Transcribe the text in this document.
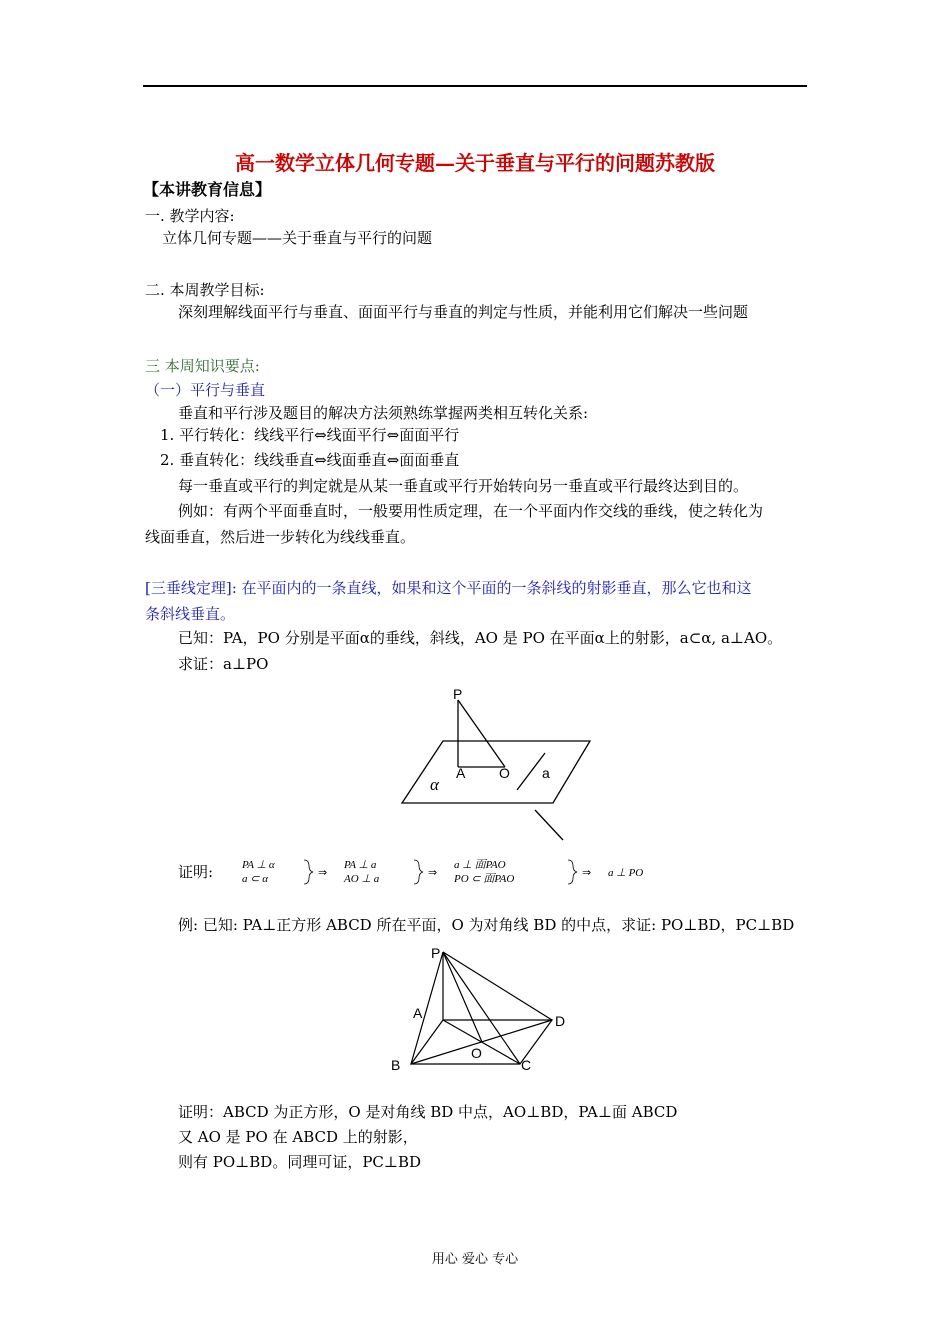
高一数学立体几何专题—关于垂直与平行的问题苏教版
【本讲教育信息】
一. 教学内容:
立体几何专题——关于垂直与平行的问题
二. 本周教学目标:
深刻理解线面平行与垂直、面面平行与垂直的判定与性质，并能利用它们解决一些问题
三 本周知识要点:
（一）平行与垂直
垂直和平行涉及题目的解决方法须熟练掌握两类相互转化关系:
1. 平行转化：线线平行⇔线面平行⇔面面平行
2. 垂直转化：线线垂直⇔线面垂直⇔面面垂直
每一垂直或平行的判定就是从某一垂直或平行开始转向另一垂直或平行最终达到目的。
例如：有两个平面垂直时，一般要用性质定理，在一个平面内作交线的垂线，使之转化为
线面垂直，然后进一步转化为线线垂直。
[三垂线定理]: 在平面内的一条直线，如果和这个平面的一条斜线的射影垂直，那么它也和这
条斜线垂直。
已知：PA，PO 分别是平面α的垂线，斜线，AO 是 PO 在平面α上的射影，a⊂α, a⊥AO。
求证：a⊥PO
P
A O a
α
证明:	PA ⊥ α
a ⊂ α	⇒
PA ⊥ a
AO ⊥ a	⇒
a ⊥ 面PAO
PO ⊂ 面PAO	⇒ a ⊥ PO
例: 已知: PA⊥正方形 ABCD 所在平面，O 为对角线 BD 的中点，求证: PO⊥BD，PC⊥BD
P
A	D
O
B	C
证明：ABCD 为正方形，O 是对角线 BD 中点，AO⊥BD，PA⊥面 ABCD
又 AO 是 PO 在 ABCD 上的射影，
则有 PO⊥BD。同理可证，PC⊥BD
用心 爱心 专心
